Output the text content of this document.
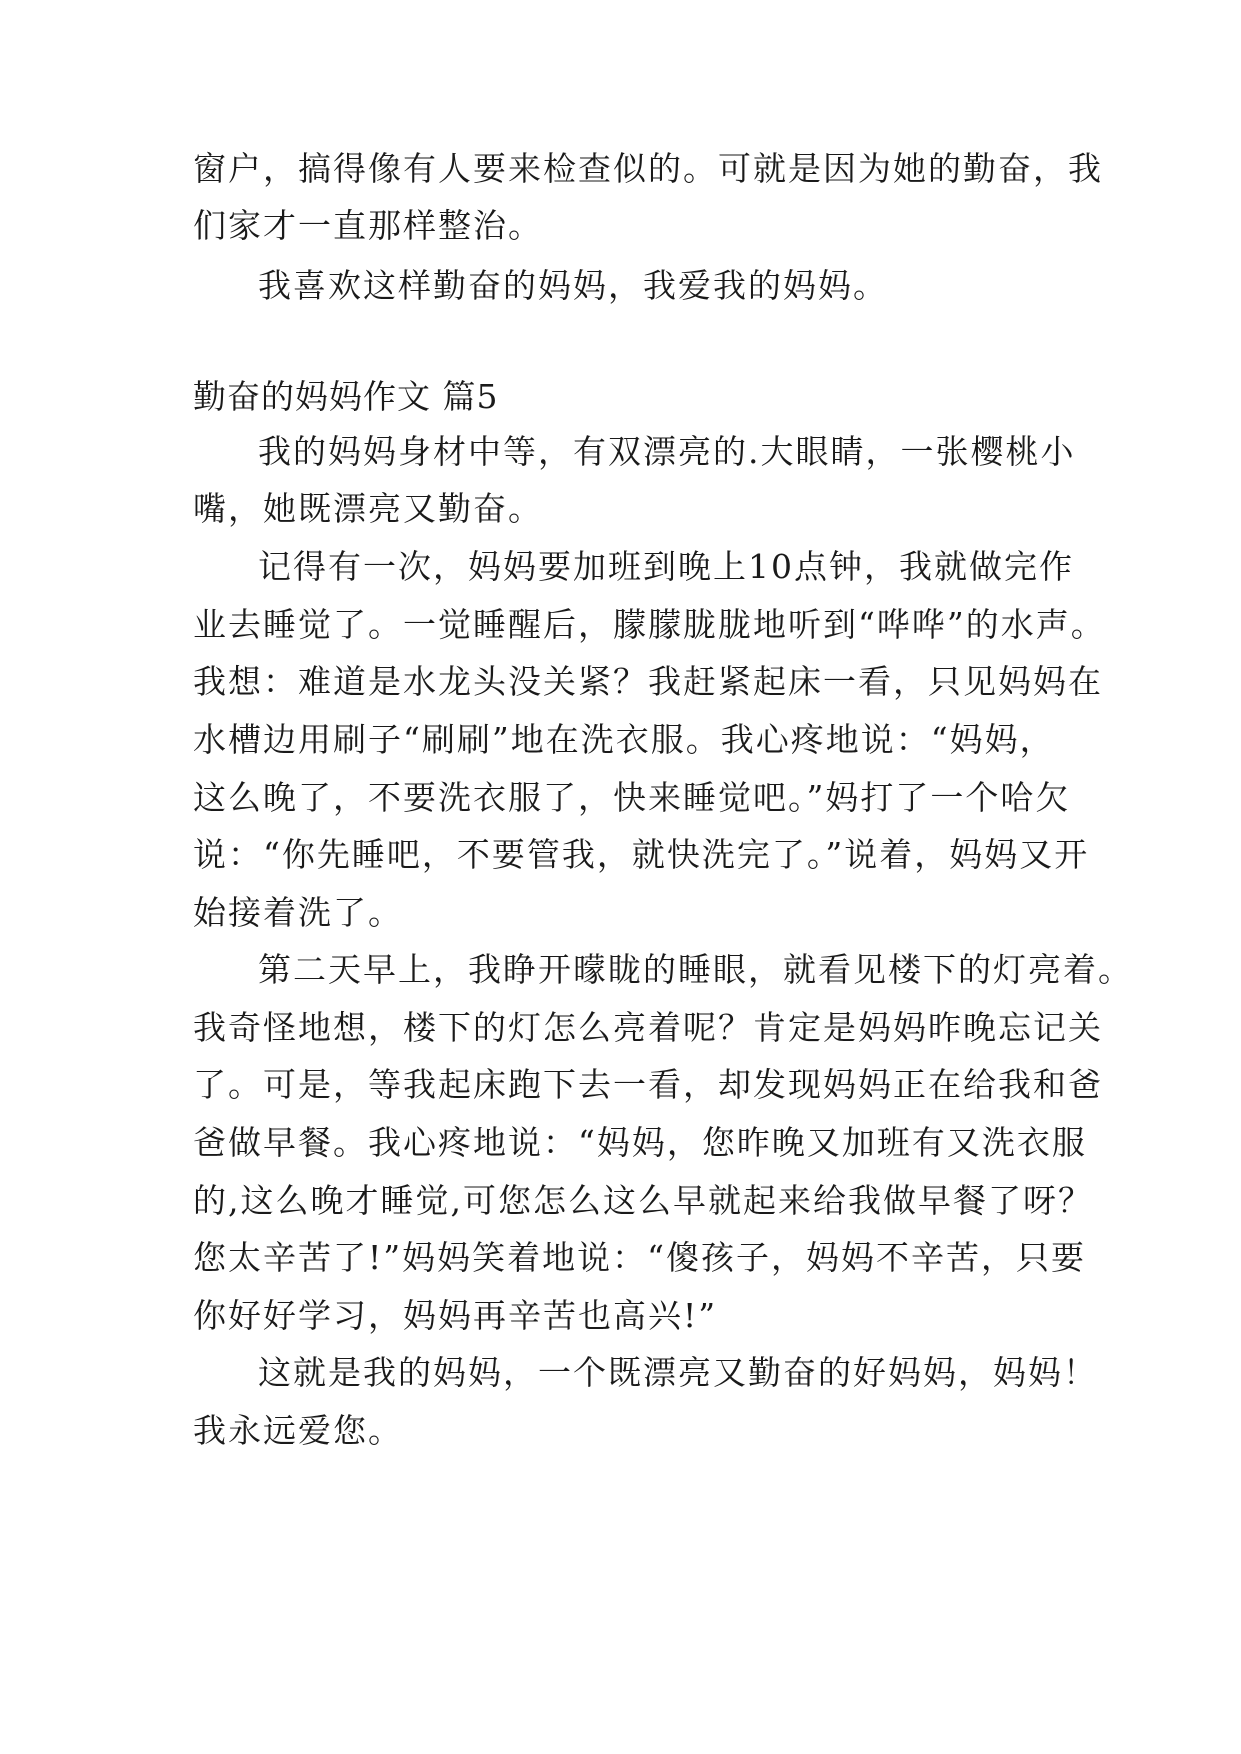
窗户，搞得像有人要来检查似的。可就是因为她的勤奋，我
们家才一直那样整治。
我喜欢这样勤奋的妈妈，我爱我的妈妈。
勤奋的妈妈作文 篇5
我的妈妈身材中等，有双漂亮的.大眼睛，一张樱桃小
嘴，她既漂亮又勤奋。
记得有一次，妈妈要加班到晚上10点钟，我就做完作
业去睡觉了。一觉睡醒后，朦朦胧胧地听到“哗哗”的水声。
我想：难道是水龙头没关紧？我赶紧起床一看，只见妈妈在
水槽边用刷子“刷刷”地在洗衣服。我心疼地说：“妈妈，
这么晚了，不要洗衣服了，快来睡觉吧。”妈打了一个哈欠
说：“你先睡吧，不要管我，就快洗完了。”说着，妈妈又开
始接着洗了。
第二天早上，我睁开曚眬的睡眼，就看见楼下的灯亮着。
我奇怪地想，楼下的灯怎么亮着呢？肯定是妈妈昨晚忘记关
了。可是，等我起床跑下去一看，却发现妈妈正在给我和爸
爸做早餐。我心疼地说：“妈妈，您昨晚又加班有又洗衣服
的,这么晚才睡觉,可您怎么这么早就起来给我做早餐了呀？
您太辛苦了!”妈妈笑着地说：“傻孩子，妈妈不辛苦，只要
你好好学习，妈妈再辛苦也高兴!”
这就是我的妈妈，一个既漂亮又勤奋的好妈妈，妈妈！
我永远爱您。
